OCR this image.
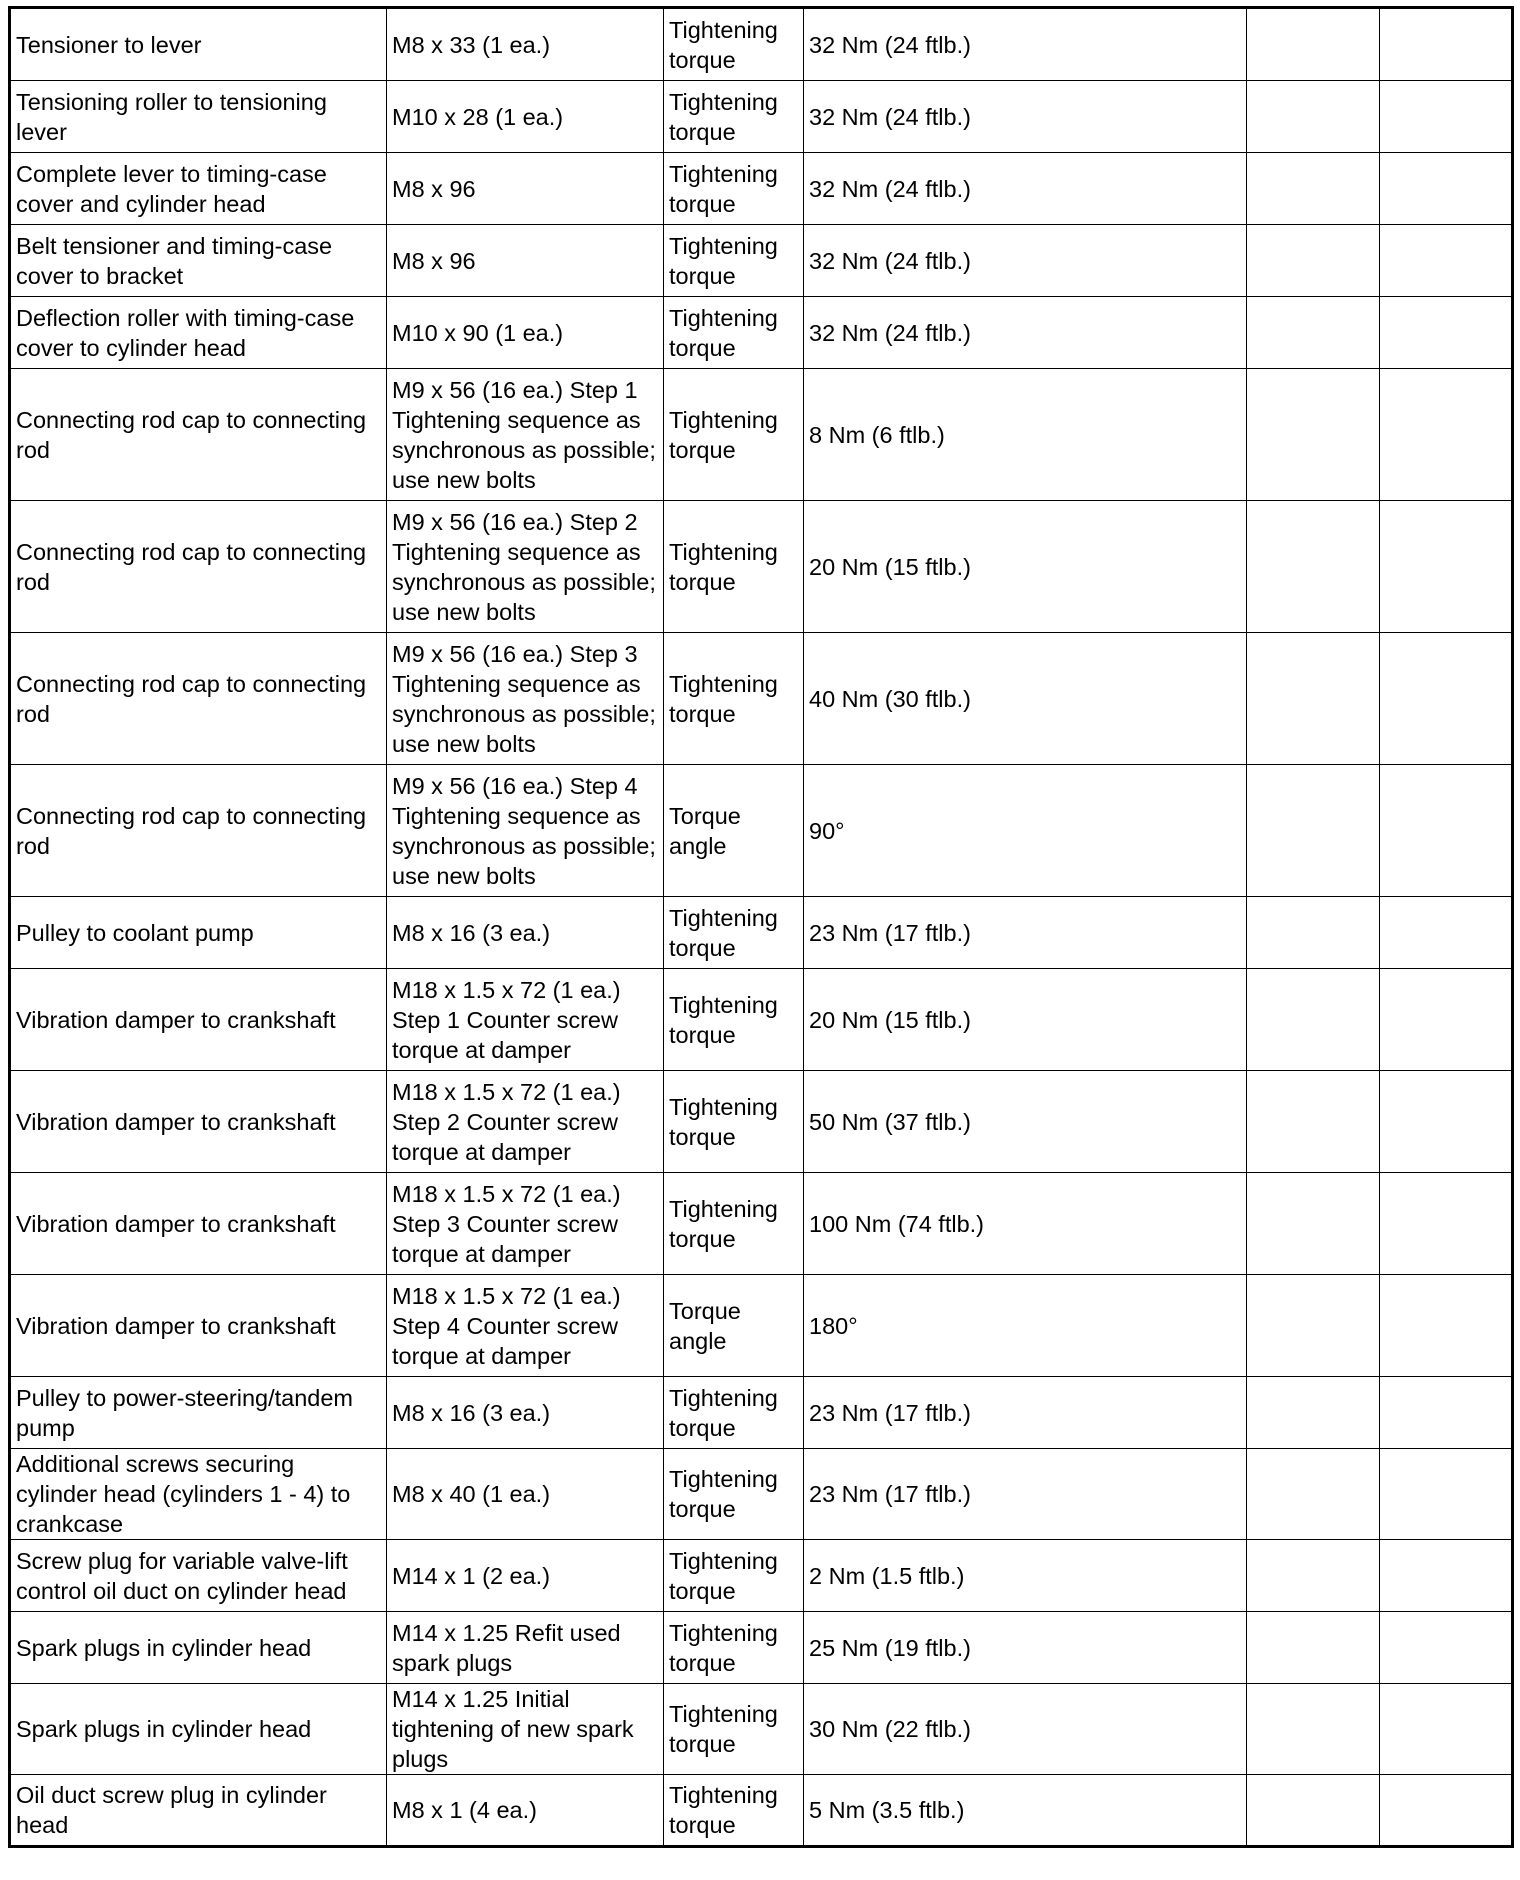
Tensioner to lever	M8 x 33 (1 ea.)	Tightening torque	32 Nm (24 ftlb.)		
Tensioning roller to tensioning lever	M10 x 28 (1 ea.)	Tightening torque	32 Nm (24 ftlb.)		
Complete lever to timing-case cover and cylinder head	M8 x 96	Tightening torque	32 Nm (24 ftlb.)		
Belt tensioner and timing-case cover to bracket	M8 x 96	Tightening torque	32 Nm (24 ftlb.)		
Deflection roller with timing-case cover to cylinder head	M10 x 90 (1 ea.)	Tightening torque	32 Nm (24 ftlb.)		
Connecting rod cap to connecting rod	M9 x 56 (16 ea.) Step 1 Tightening sequence as synchronous as possible; use new bolts	Tightening torque	8 Nm (6 ftlb.)		
Connecting rod cap to connecting rod	M9 x 56 (16 ea.) Step 2 Tightening sequence as synchronous as possible; use new bolts	Tightening torque	20 Nm (15 ftlb.)		
Connecting rod cap to connecting rod	M9 x 56 (16 ea.) Step 3 Tightening sequence as synchronous as possible; use new bolts	Tightening torque	40 Nm (30 ftlb.)		
Connecting rod cap to connecting rod	M9 x 56 (16 ea.) Step 4 Tightening sequence as synchronous as possible; use new bolts	Torque angle	90°		
Pulley to coolant pump	M8 x 16 (3 ea.)	Tightening torque	23 Nm (17 ftlb.)		
Vibration damper to crankshaft	M18 x 1.5 x 72 (1 ea.) Step 1 Counter screw torque at damper	Tightening torque	20 Nm (15 ftlb.)		
Vibration damper to crankshaft	M18 x 1.5 x 72 (1 ea.) Step 2 Counter screw torque at damper	Tightening torque	50 Nm (37 ftlb.)		
Vibration damper to crankshaft	M18 x 1.5 x 72 (1 ea.) Step 3 Counter screw torque at damper	Tightening torque	100 Nm (74 ftlb.)		
Vibration damper to crankshaft	M18 x 1.5 x 72 (1 ea.) Step 4 Counter screw torque at damper	Torque angle	180°		
Pulley to power-steering/tandem pump	M8 x 16 (3 ea.)	Tightening torque	23 Nm (17 ftlb.)		
Additional screws securing cylinder head (cylinders 1 - 4) to crankcase	M8 x 40 (1 ea.)	Tightening torque	23 Nm (17 ftlb.)		
Screw plug for variable valve-lift control oil duct on cylinder head	M14 x 1 (2 ea.)	Tightening torque	2 Nm (1.5 ftlb.)		
Spark plugs in cylinder head	M14 x 1.25 Refit used spark plugs	Tightening torque	25 Nm (19 ftlb.)		
Spark plugs in cylinder head	M14 x 1.25 Initial tightening of new spark plugs	Tightening torque	30 Nm (22 ftlb.)		
Oil duct screw plug in cylinder head	M8 x 1 (4 ea.)	Tightening torque	5 Nm (3.5 ftlb.)		
